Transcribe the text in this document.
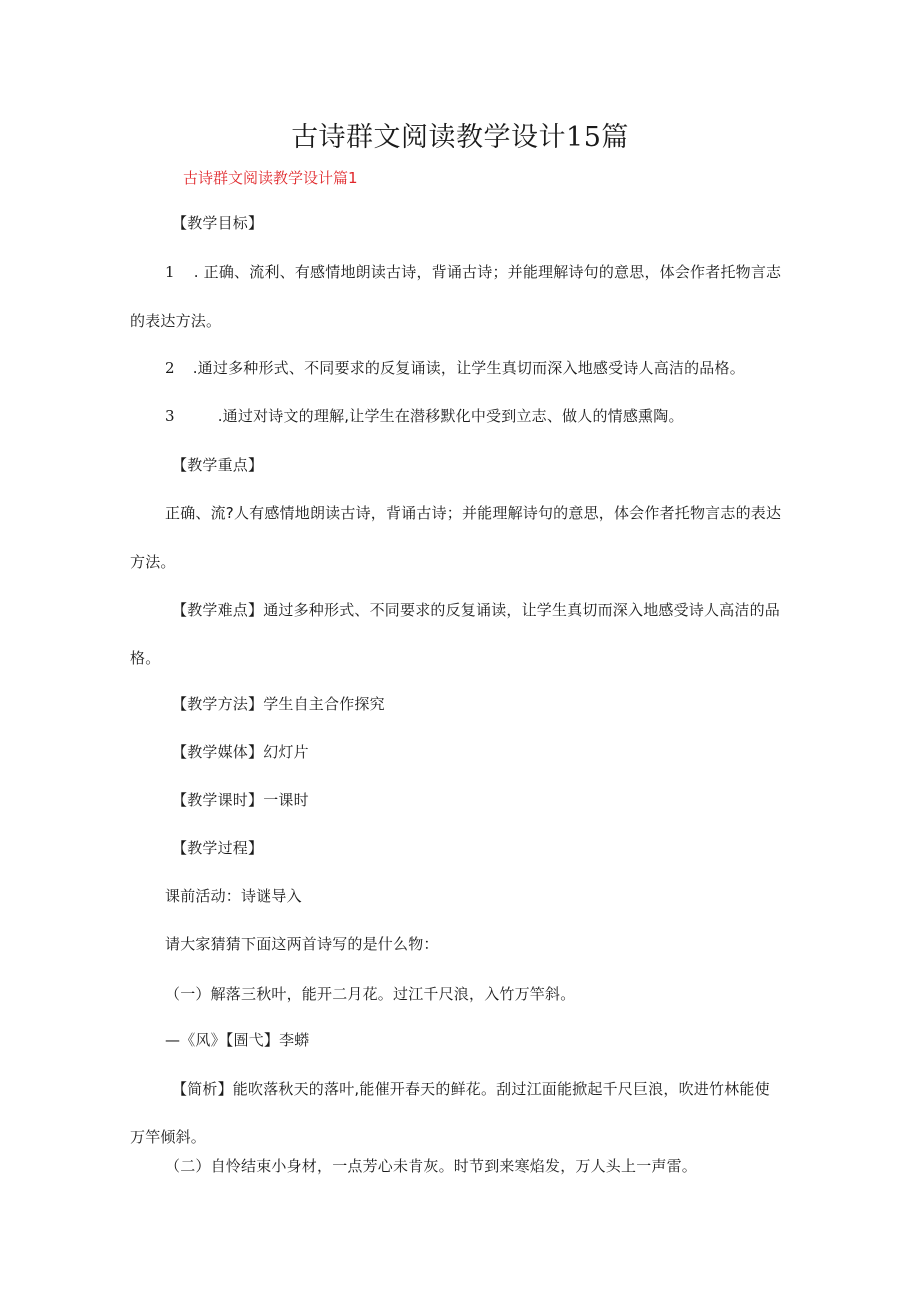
古诗群文阅读教学设计15篇
古诗群文阅读教学设计篇1
【教学目标】
1 . 正确、流利、有感情地朗读古诗，背诵古诗；并能理解诗句的意思，体会作者托物言志
的表达方法。
2 .通过多种形式、不同要求的反复诵读，让学生真切而深入地感受诗人高洁的品格。
3	.通过对诗文的理解,让学生在潜移默化中受到立志、做人的情感熏陶。
【教学重点】
正确、流?人有感情地朗读古诗，背诵古诗；并能理解诗句的意思，体会作者托物言志的表达
方法。
【教学难点】通过多种形式、不同要求的反复诵读，让学生真切而深入地感受诗人高洁的品
格。
【教学方法】学生自主合作探究
【教学媒体】幻灯片
【教学课时】一课时
【教学过程】
课前活动：诗谜导入
请大家猜猜下面这两首诗写的是什么物：
（一）解落三秋叶，能开二月花。过江千尺浪，入竹万竿斜。
—《风》【圄弋】李蟒
【简析】能吹落秋天的落叶,能催开春天的鲜花。刮过江面能掀起千尺巨浪，吹进竹林能使
万竿倾斜。
（二）自怜结束小身材，一点芳心未肯灰。时节到来寒焰发，万人头上一声雷。
